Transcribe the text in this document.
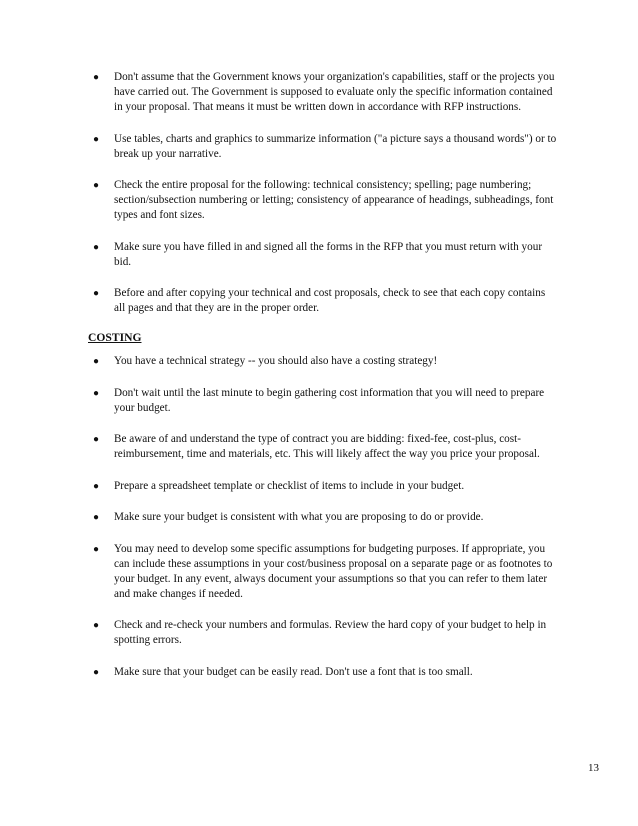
● Don't assume that the Government knows your organization's capabilities, staff or the projects you have carried out. The Government is supposed to evaluate only the specific information contained in your proposal. That means it must be written down in accordance with RFP instructions.
● Use tables, charts and graphics to summarize information ("a picture says a thousand words") or to break up your narrative.
● Check the entire proposal for the following: technical consistency; spelling; page numbering; section/subsection numbering or letting; consistency of appearance of headings, subheadings, font types and font sizes.
● Make sure you have filled in and signed all the forms in the RFP that you must return with your bid.
● Before and after copying your technical and cost proposals, check to see that each copy contains all pages and that they are in the proper order.
COSTING
● You have a technical strategy -- you should also have a costing strategy!
● Don't wait until the last minute to begin gathering cost information that you will need to prepare your budget.
● Be aware of and understand the type of contract you are bidding: fixed-fee, cost-plus, cost-reimbursement, time and materials, etc. This will likely affect the way you price your proposal.
● Prepare a spreadsheet template or checklist of items to include in your budget.
● Make sure your budget is consistent with what you are proposing to do or provide.
● You may need to develop some specific assumptions for budgeting purposes. If appropriate, you can include these assumptions in your cost/business proposal on a separate page or as footnotes to your budget. In any event, always document your assumptions so that you can refer to them later and make changes if needed.
● Check and re-check your numbers and formulas. Review the hard copy of your budget to help in spotting errors.
● Make sure that your budget can be easily read. Don't use a font that is too small.
13
